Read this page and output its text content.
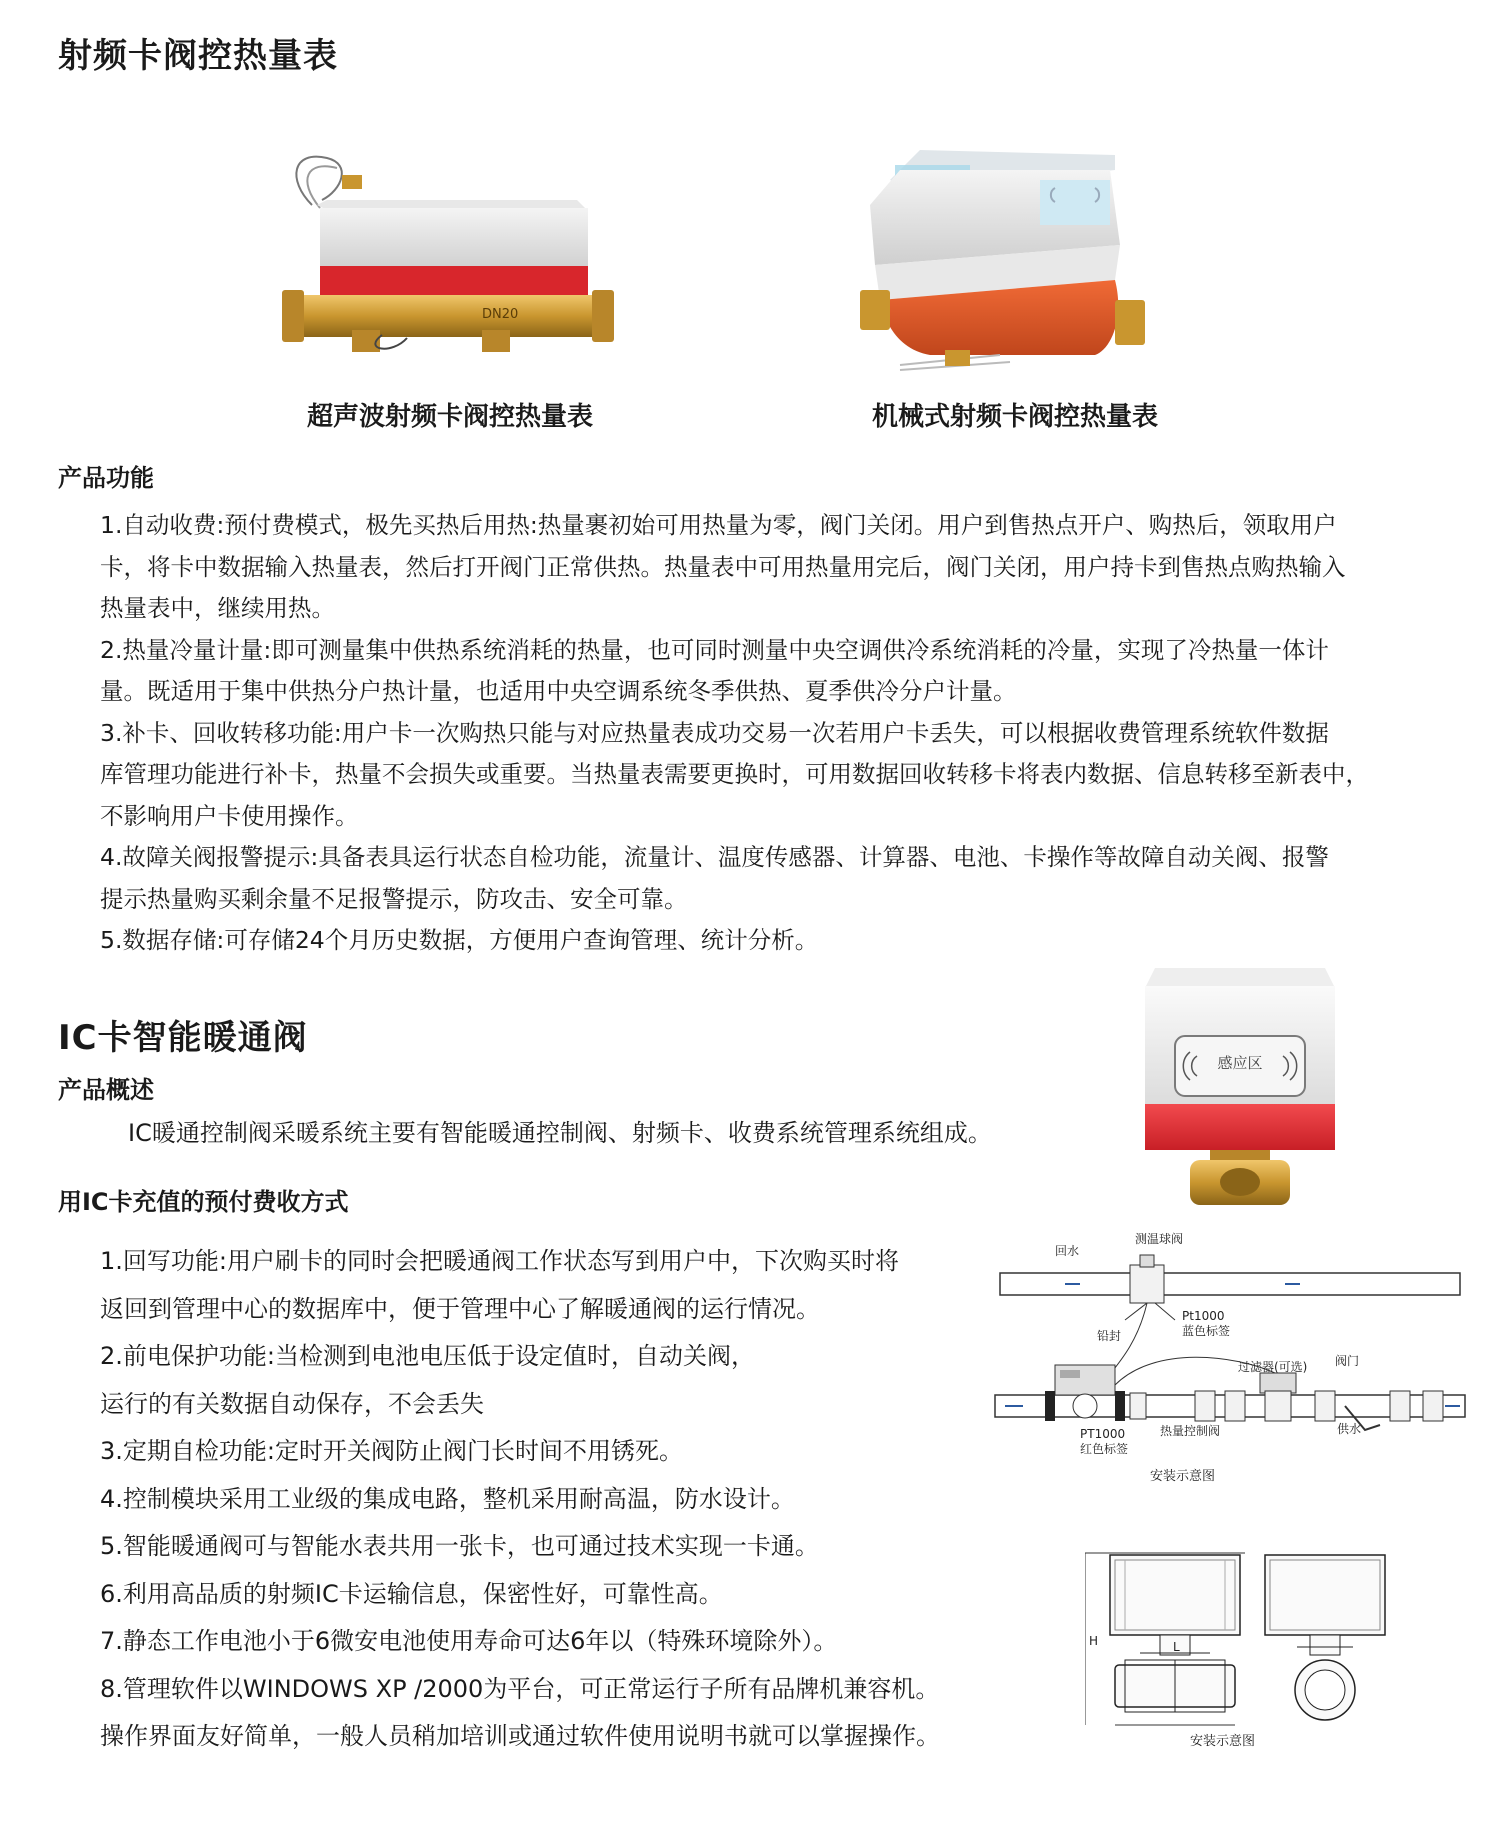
射频卡阀控热量表
DN20
超声波射频卡阀控热量表	机械式射频卡阀控热量表
产品功能

1.自动收费:预付费模式，极先买热后用热:热量裹初始可用热量为零，阀门关闭。用户到售热点开户、购热后，领取用户

卡，将卡中数据输入热量表，然后打开阀门正常供热。热量表中可用热量用完后，阀门关闭，用户持卡到售热点购热输入

热量表中，继续用热。

2.热量冷量计量:即可测量集中供热系统消耗的热量，也可同时测量中央空调供冷系统消耗的冷量，实现了冷热量一体计

量。既适用于集中供热分户热计量，也适用中央空调系统冬季供热、夏季供冷分户计量。

3.补卡、回收转移功能:用户卡一次购热只能与对应热量表成功交易一次若用户卡丢失，可以根据收费管理系统软件数据

库管理功能进行补卡，热量不会损失或重要。当热量表需要更换时，可用数据回收转移卡将表内数据、信息转移至新表中，

不影响用户卡使用操作。

4.故障关阀报警提示:具备表具运行状态自检功能，流量计、温度传感器、计算器、电池、卡操作等故障自动关阀、报警

提示热量购买剩余量不足报警提示，防攻击、安全可靠。

5.数据存储:可存储24个月历史数据，方便用户查询管理、统计分析。

IC卡智能暖通阀
产品概述
IC暖通控制阀采暖系统主要有智能暖通控制阀、射频卡、收费系统管理系统组成。
感应区
用IC卡充值的预付费收方式

1.回写功能:用户刷卡的同时会把暖通阀工作状态写到用户中，下次购买时将

返回到管理中心的数据库中，便于管理中心了解暖通阀的运行情况。

2.前电保护功能:当检测到电池电压低于设定值时，自动关阀，

运行的有关数据自动保存，不会丢失

3.定期自检功能:定时开关阀防止阀门长时间不用锈死。

4.控制模块采用工业级的集成电路，整机采用耐高温，防水设计。

5.智能暖通阀可与智能水表共用一张卡，也可通过技术实现一卡通。

6.利用高品质的射频IC卡运输信息，保密性好，可靠性高。

7.静态工作电池小于6微安电池使用寿命可达6年以（特殊环境除外）。

8.管理软件以WINDOWS XP /2000为平台，可正常运行子所有品牌机兼容机。

操作界面友好简单，一般人员稍加培训或通过软件使用说明书就可以掌握操作。

回水
测温球阀
铅封
Pt1000
蓝色标签
过滤器(可选) 阀门
供水
PT1000
红色标签
热量控制阀
安装示意图
H	L
安装示意图
